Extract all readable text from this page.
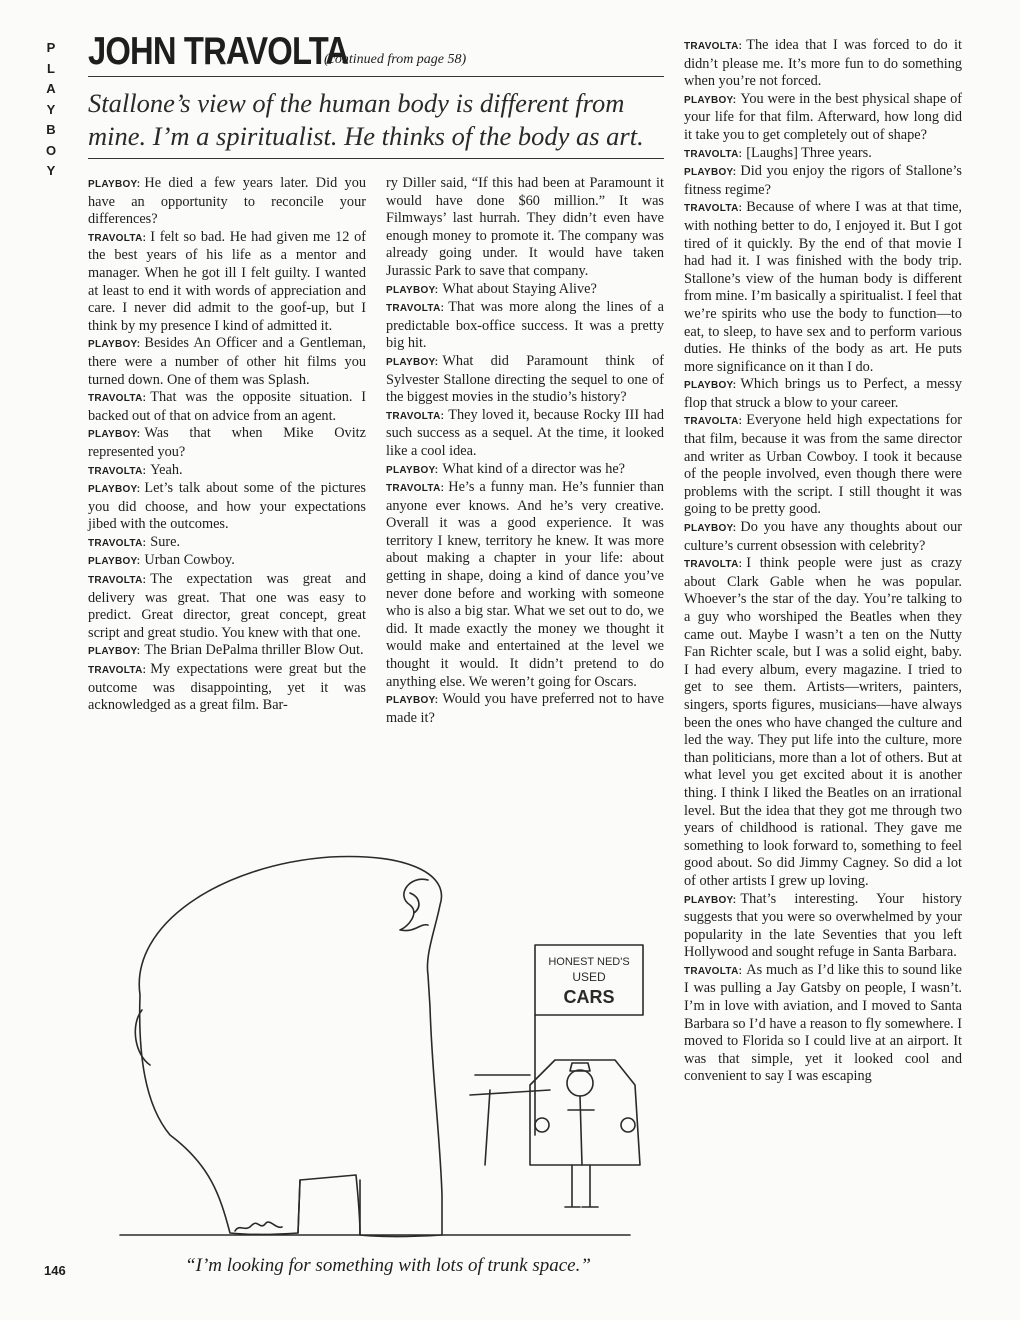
P
L
A
Y
B
O
Y
JOHN TRAVOLTA
(continued from page 58)
Stallone’s view of the human body is different from mine. I’m a spiritualist. He thinks of the body as art.

PLAYBOY: He died a few years later. Did you have an opportunity to reconcile your differences?

TRAVOLTA: I felt so bad. He had given me 12 of the best years of his life as a mentor and manager. When he got ill I felt guilty. I wanted at least to end it with words of appreciation and care. I never did admit to the goof-up, but I think by my presence I kind of admitted it.

PLAYBOY: Besides An Officer and a Gentleman, there were a number of other hit films you turned down. One of them was Splash.

TRAVOLTA: That was the opposite situation. I backed out of that on advice from an agent.

PLAYBOY: Was that when Mike Ovitz represented you?

TRAVOLTA: Yeah.

PLAYBOY: Let’s talk about some of the pictures you did choose, and how your expectations jibed with the outcomes.

TRAVOLTA: Sure.

PLAYBOY: Urban Cowboy.

TRAVOLTA: The expectation was great and delivery was great. That one was easy to predict. Great director, great concept, great script and great studio. You knew with that one.

PLAYBOY: The Brian DePalma thriller Blow Out.

TRAVOLTA: My expectations were great but the outcome was disappointing, yet it was acknowledged as a great film. Bar-

ry Diller said, “If this had been at Paramount it would have done $60 million.” It was Filmways’ last hurrah. They didn’t even have enough money to promote it. The company was already going under. It would have taken Jurassic Park to save that company.

PLAYBOY: What about Staying Alive?

TRAVOLTA: That was more along the lines of a predictable box-office success. It was a pretty big hit.

PLAYBOY: What did Paramount think of Sylvester Stallone directing the sequel to one of the biggest movies in the studio’s history?

TRAVOLTA: They loved it, because Rocky III had such success as a sequel. At the time, it looked like a cool idea.

PLAYBOY: What kind of a director was he?

TRAVOLTA: He’s a funny man. He’s funnier than anyone ever knows. And he’s very creative. Overall it was a good experience. It was territory I knew, territory he knew. It was more about making a chapter in your life: about getting in shape, doing a kind of dance you’ve never done before and working with someone who is also a big star. What we set out to do, we did. It made exactly the money we thought it would make and entertained at the level we thought it would. It didn’t pretend to do anything else. We weren’t going for Oscars.

PLAYBOY: Would you have preferred not to have made it?

TRAVOLTA: The idea that I was forced to do it didn’t please me. It’s more fun to do something when you’re not forced.

PLAYBOY: You were in the best physical shape of your life for that film. Afterward, how long did it take you to get completely out of shape?

TRAVOLTA: [Laughs] Three years.

PLAYBOY: Did you enjoy the rigors of Stallone’s fitness regime?

TRAVOLTA: Because of where I was at that time, with nothing better to do, I enjoyed it. But I got tired of it quickly. By the end of that movie I had had it. I was finished with the body trip. Stallone’s view of the human body is different from mine. I’m basically a spiritualist. I feel that we’re spirits who use the body to function—to eat, to sleep, to have sex and to perform various duties. He thinks of the body as art. He puts more significance on it than I do.

PLAYBOY: Which brings us to Perfect, a messy flop that struck a blow to your career.

TRAVOLTA: Everyone held high expectations for that film, because it was from the same director and writer as Urban Cowboy. I took it because of the people involved, even though there were problems with the script. I still thought it was going to be pretty good.

PLAYBOY: Do you have any thoughts about our culture’s current obsession with celebrity?

TRAVOLTA: I think people were just as crazy about Clark Gable when he was popular. Whoever’s the star of the day. You’re talking to a guy who worshiped the Beatles when they came out. Maybe I wasn’t a ten on the Nutty Fan Richter scale, but I was a solid eight, baby. I had every album, every magazine. I tried to get to see them. Artists—writers, painters, singers, sports figures, musicians—have always been the ones who have changed the culture and led the way. They put life into the culture, more than politicians, more than a lot of others. But at what level you get excited about it is another thing. I think I liked the Beatles on an irrational level. But the idea that they got me through two years of childhood is rational. They gave me something to look forward to, something to feel good about. So did Jimmy Cagney. So did a lot of other artists I grew up loving.

PLAYBOY: That’s interesting. Your history suggests that you were so overwhelmed by your popularity in the late Seventies that you left Hollywood and sought refuge in Santa Barbara.

TRAVOLTA: As much as I’d like this to sound like I was pulling a Jay Gatsby on people, I wasn’t. I’m in love with aviation, and I moved to Santa Barbara so I’d have a reason to fly somewhere. I moved to Florida so I could live at an airport. It was that simple, yet it looked cool and convenient to say I was escaping

HONEST NED'S
USED
CARS
“I’m looking for something with lots of trunk space.”
146
